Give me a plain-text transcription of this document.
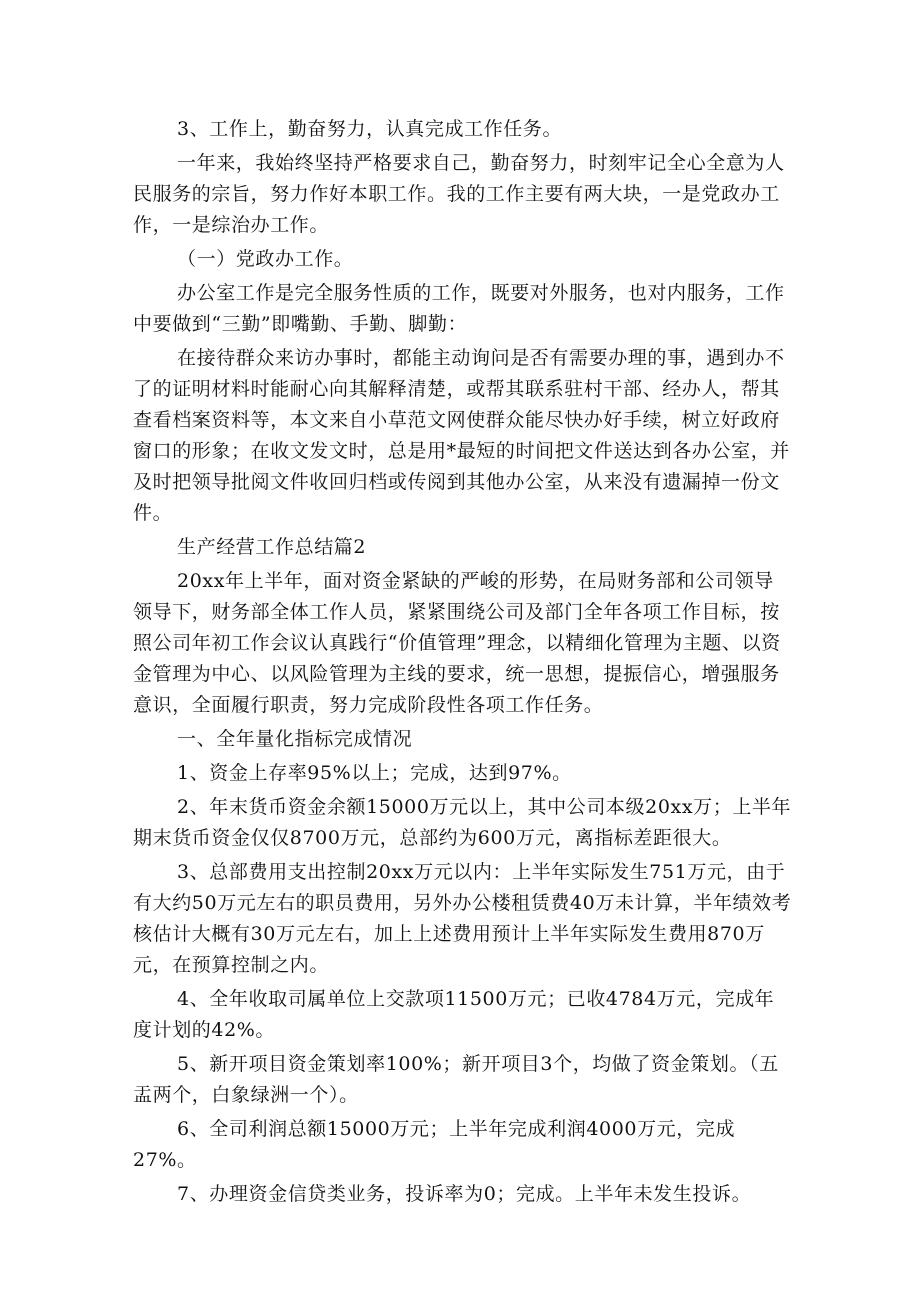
3、工作上，勤奋努力，认真完成工作任务。

一年来，我始终坚持严格要求自己，勤奋努力，时刻牢记全心全意为人民服务的宗旨，努力作好本职工作。我的工作主要有两大块，一是党政办工作，一是综治办工作。

（一）党政办工作。

办公室工作是完全服务性质的工作，既要对外服务，也对内服务，工作中要做到“三勤”即嘴勤、手勤、脚勤：

在接待群众来访办事时，都能主动询问是否有需要办理的事，遇到办不了的证明材料时能耐心向其解释清楚，或帮其联系驻村干部、经办人，帮其查看档案资料等，本文来自小草范文网使群众能尽快办好手续，树立好政府窗口的形象；在收文发文时，总是用*最短的时间把文件送达到各办公室，并及时把领导批阅文件收回归档或传阅到其他办公室，从来没有遗漏掉一份文件。

生产经营工作总结篇2

20xx年上半年，面对资金紧缺的严峻的形势，在局财务部和公司领导领导下，财务部全体工作人员，紧紧围绕公司及部门全年各项工作目标，按照公司年初工作会议认真践行“价值管理”理念，以精细化管理为主题、以资金管理为中心、以风险管理为主线的要求，统一思想，提振信心，增强服务意识，全面履行职责，努力完成阶段性各项工作任务。

一、全年量化指标完成情况

1、资金上存率95%以上；完成，达到97%。

2、年末货币资金余额15000万元以上，其中公司本级20xx万；上半年期末货币资金仅仅8700万元，总部约为600万元，离指标差距很大。

3、总部费用支出控制20xx万元以内：上半年实际发生751万元，由于有大约50万元左右的职员费用，另外办公楼租赁费40万未计算，半年绩效考核估计大概有30万元左右，加上上述费用预计上半年实际发生费用870万元，在预算控制之内。

4、全年收取司属单位上交款项11500万元；已收4784万元，完成年度计划的42%。

5、新开项目资金策划率100%；新开项目3个，均做了资金策划。（五盂两个，白象绿洲一个）。

6、全司利润总额15000万元；上半年完成利润4000万元，完成

27%。

7、办理资金信贷类业务，投诉率为0；完成。上半年未发生投诉。
